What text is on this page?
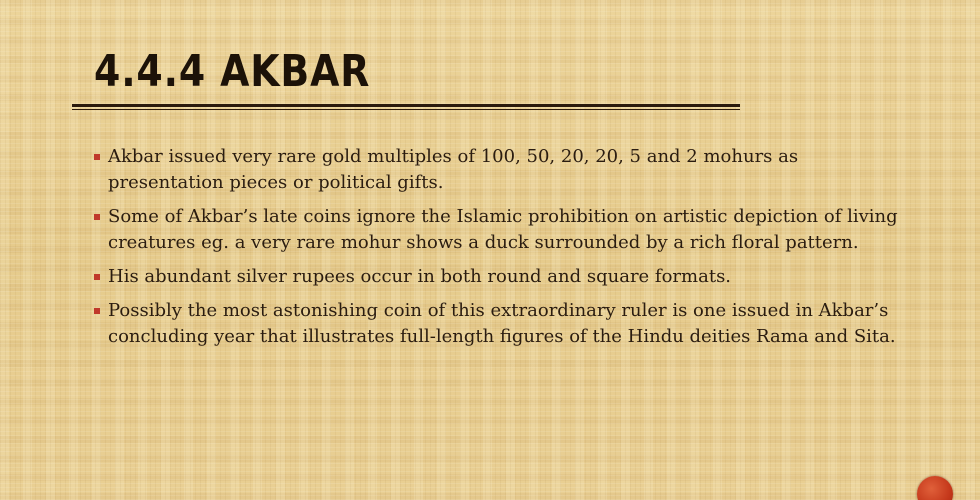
4.4.4 AKBAR
Akbar issued very rare gold multiples of 100, 50, 20, 20, 5 and 2 mohurs as presentation pieces or political gifts.
Some of Akbar’s late coins ignore the Islamic prohibition on artistic depiction of living creatures eg. a very rare mohur shows a duck surrounded by a rich floral pattern.
His abundant silver rupees occur in both round and square formats.
Possibly the most astonishing coin of this extraordinary ruler is one issued in Akbar’s concluding year that illustrates full-length figures of the Hindu deities Rama and Sita.
